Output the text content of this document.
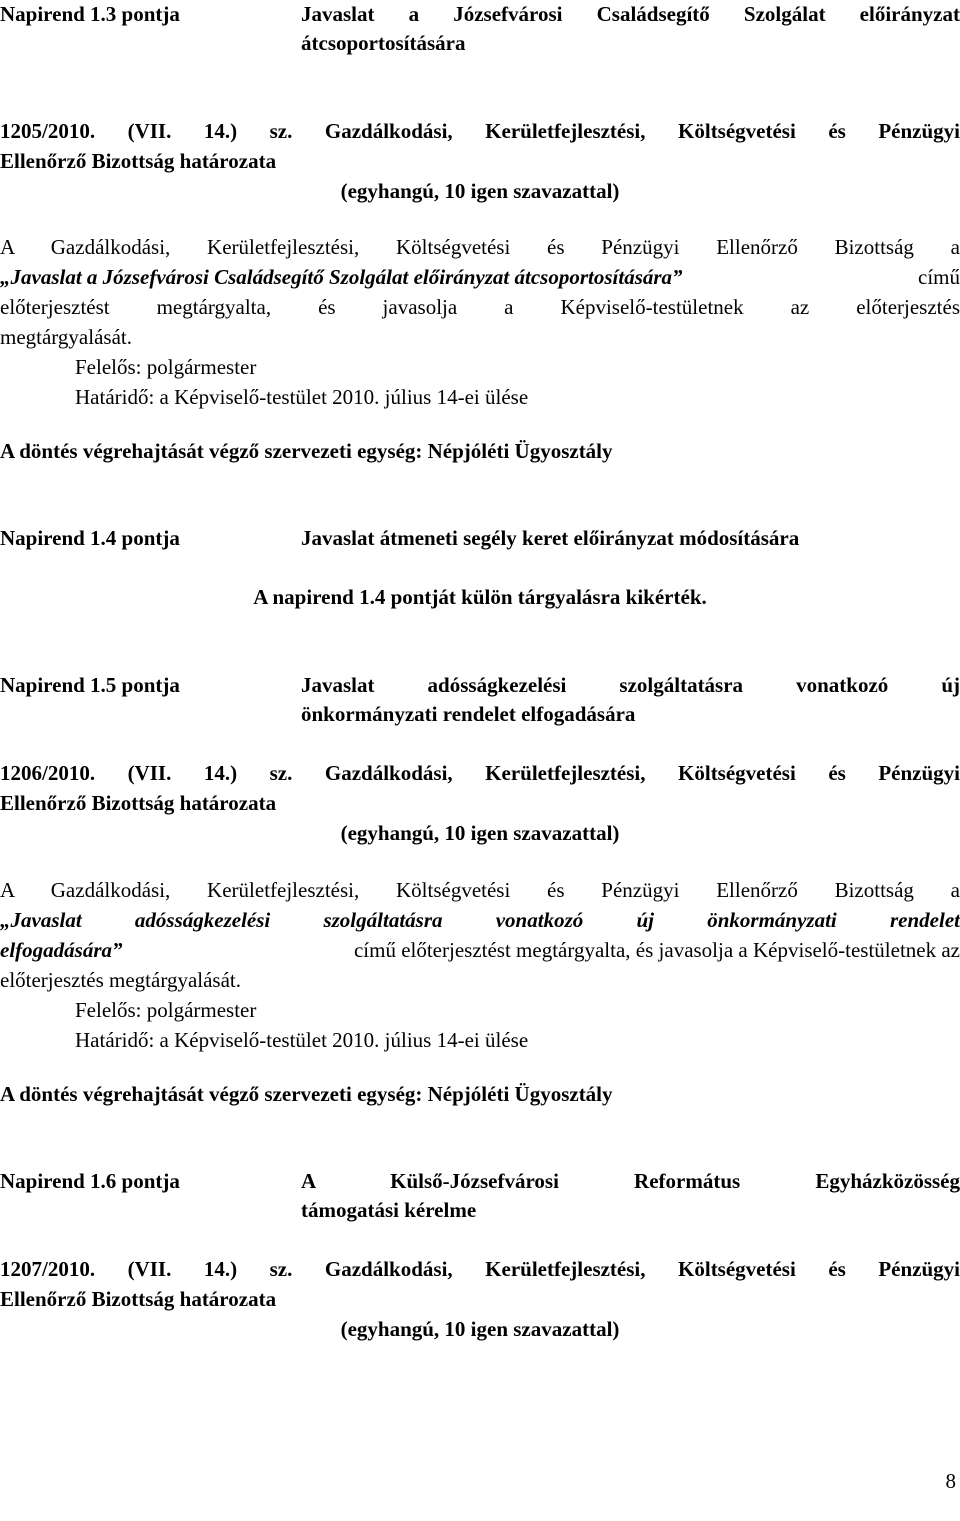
Napirend 1.3 pontja	Javaslat a Józsefvárosi Családsegítő Szolgálat előirányzat
átcsoportosítására
1205/2010. (VII. 14.) sz. Gazdálkodási, Kerületfejlesztési, Költségvetési és Pénzügyi
Ellenőrző Bizottság határozata
(egyhangú, 10 igen szavazattal)
A Gazdálkodási, Kerületfejlesztési, Költségvetési és Pénzügyi Ellenőrző Bizottság a
„Javaslat a Józsefvárosi Családsegítő Szolgálat előirányzat átcsoportosítására”	című
előterjesztést megtárgyalta, és javasolja a Képviselő-testületnek az előterjesztés
megtárgyalását.
Felelős: polgármester
Határidő: a Képviselő-testület 2010. július 14-ei ülése
A döntés végrehajtását végző szervezeti egység: Népjóléti Ügyosztály
Napirend 1.4 pontja	Javaslat átmeneti segély keret előirányzat módosítására
A napirend 1.4 pontját külön tárgyalásra kikérték.
Napirend 1.5 pontja	Javaslat adósságkezelési szolgáltatásra vonatkozó új
önkormányzati rendelet elfogadására
1206/2010. (VII. 14.) sz. Gazdálkodási, Kerületfejlesztési, Költségvetési és Pénzügyi
Ellenőrző Bizottság határozata
(egyhangú, 10 igen szavazattal)
A Gazdálkodási, Kerületfejlesztési, Költségvetési és Pénzügyi Ellenőrző Bizottság a
„Javaslat adósságkezelési szolgáltatásra vonatkozó új önkormányzati rendelet
elfogadására”	című előterjesztést megtárgyalta, és javasolja a Képviselő-testületnek az
előterjesztés megtárgyalását.
Felelős: polgármester
Határidő: a Képviselő-testület 2010. július 14-ei ülése
A döntés végrehajtását végző szervezeti egység: Népjóléti Ügyosztály
Napirend 1.6 pontja	A Külső-Józsefvárosi Református Egyházközösség
támogatási kérelme
1207/2010. (VII. 14.) sz. Gazdálkodási, Kerületfejlesztési, Költségvetési és Pénzügyi
Ellenőrző Bizottság határozata
(egyhangú, 10 igen szavazattal)
8
